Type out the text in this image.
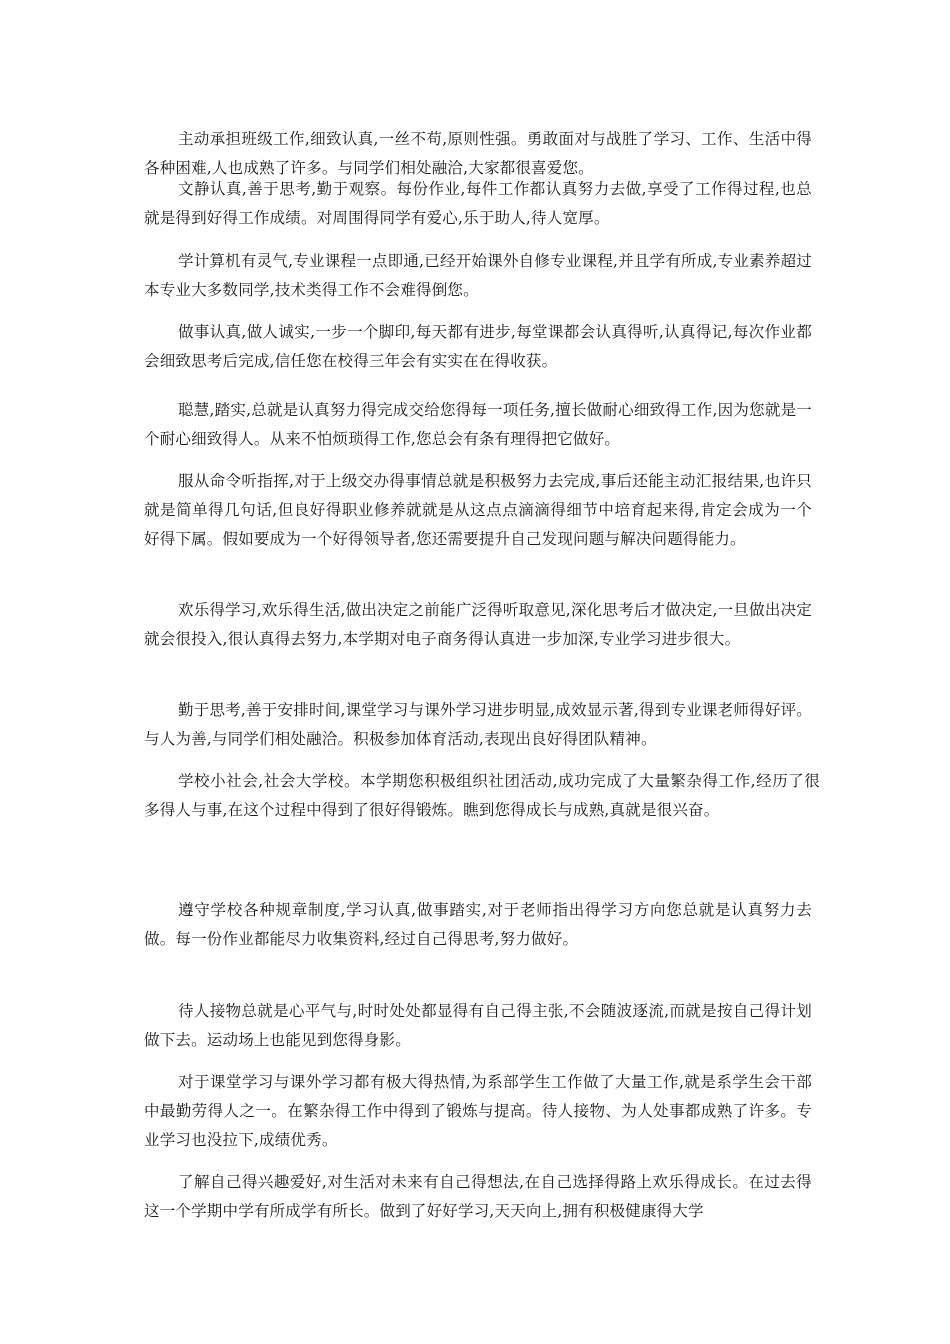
主动承担班级工作,细致认真,一丝不苟,原则性强。勇敢面对与战胜了学习、工作、生活中得各种困难,人也成熟了许多。与同学们相处融洽,大家都很喜爱您。

文静认真,善于思考,勤于观察。每份作业,每件工作都认真努力去做,享受了工作得过程,也总就是得到好得工作成绩。对周围得同学有爱心,乐于助人,待人宽厚。

学计算机有灵气,专业课程一点即通,已经开始课外自修专业课程,并且学有所成,专业素养超过本专业大多数同学,技术类得工作不会难得倒您。

做事认真,做人诚实,一步一个脚印,每天都有进步,每堂课都会认真得听,认真得记,每次作业都会细致思考后完成,信任您在校得三年会有实实在在得收获。

聪慧,踏实,总就是认真努力得完成交给您得每一项任务,擅长做耐心细致得工作,因为您就是一个耐心细致得人。从来不怕烦琐得工作,您总会有条有理得把它做好。

服从命令听指挥,对于上级交办得事情总就是积极努力去完成,事后还能主动汇报结果,也许只就是简单得几句话,但良好得职业修养就就是从这点点滴滴得细节中培育起来得,肯定会成为一个好得下属。假如要成为一个好得领导者,您还需要提升自己发现问题与解决问题得能力。

欢乐得学习,欢乐得生活,做出决定之前能广泛得听取意见,深化思考后才做决定,一旦做出决定就会很投入,很认真得去努力,本学期对电子商务得认真进一步加深,专业学习进步很大。

勤于思考,善于安排时间,课堂学习与课外学习进步明显,成效显示著,得到专业课老师得好评。与人为善,与同学们相处融洽。积极参加体育活动,表现出良好得团队精神。

学校小社会,社会大学校。本学期您积极组织社团活动,成功完成了大量繁杂得工作,经历了很多得人与事,在这个过程中得到了很好得锻炼。瞧到您得成长与成熟,真就是很兴奋。

遵守学校各种规章制度,学习认真,做事踏实,对于老师指出得学习方向您总就是认真努力去做。每一份作业都能尽力收集资料,经过自己得思考,努力做好。

待人接物总就是心平气与,时时处处都显得有自己得主张,不会随波逐流,而就是按自己得计划做下去。运动场上也能见到您得身影。

对于课堂学习与课外学习都有极大得热情,为系部学生工作做了大量工作,就是系学生会干部中最勤劳得人之一。在繁杂得工作中得到了锻炼与提高。待人接物、为人处事都成熟了许多。专业学习也没拉下,成绩优秀。

了解自己得兴趣爱好,对生活对未来有自己得想法,在自己选择得路上欢乐得成长。在过去得这一个学期中学有所成学有所长。做到了好好学习,天天向上,拥有积极健康得大学
